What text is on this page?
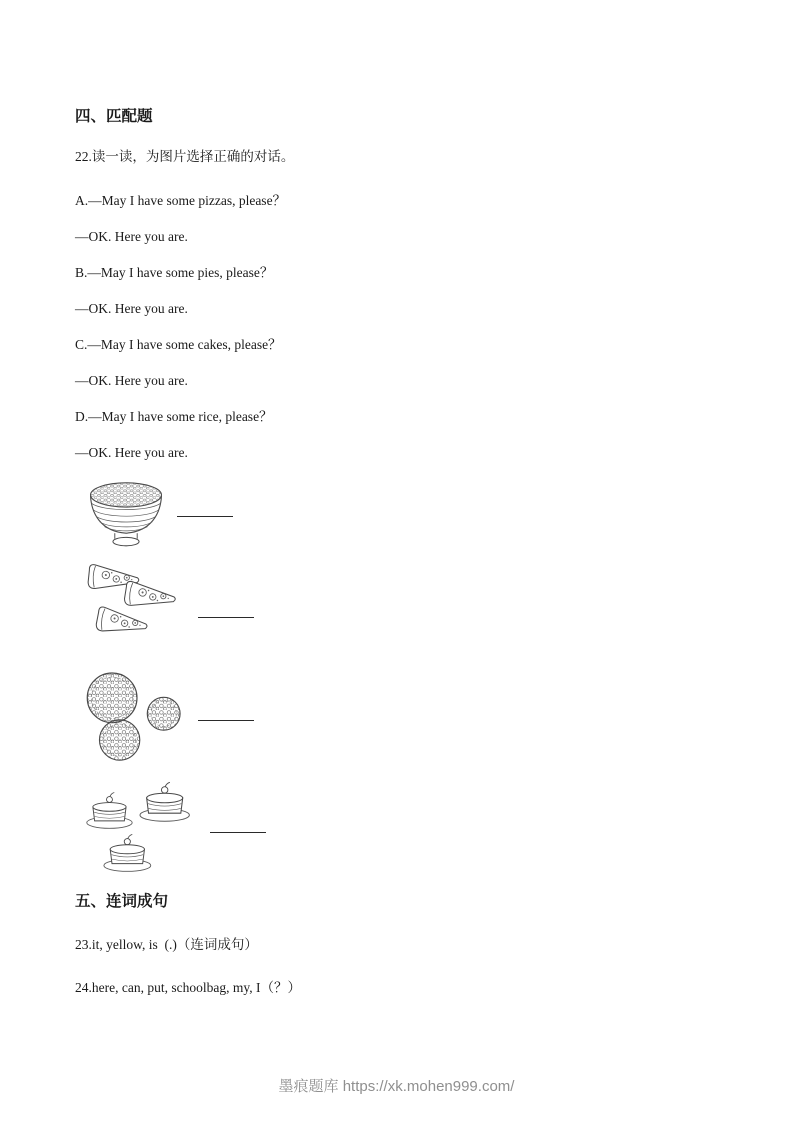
四、匹配题

22.读一读，为图片选择正确的对话。

A.—May I have some pizzas, please？

—OK. Here you are.

B.—May I have some pies, please？

—OK. Here you are.

C.—May I have some cakes, please？

—OK. Here you are.

D.—May I have some rice, please？

—OK. Here you are.

五、连词成句

23.it, yellow, is  (.)（连词成句）

24.here, can, put, schoolbag, my, I（？）

墨痕题库 https://xk.mohen999.com/
